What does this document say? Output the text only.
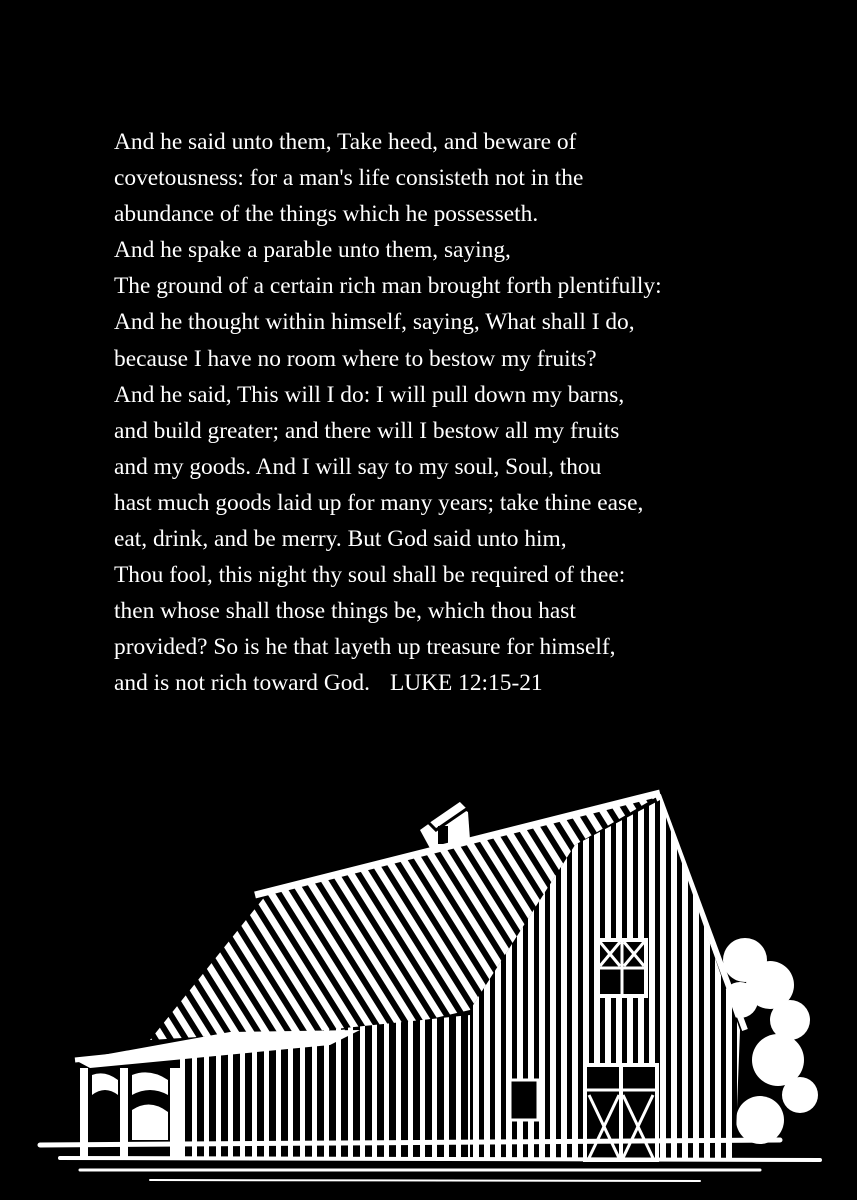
And he said unto them, Take heed, and beware of
covetousness: for a man's life consisteth not in the
abundance of the things which he possesseth.
And he spake a parable unto them, saying,
The ground of a certain rich man brought forth plentifully:
And he thought within himself, saying, What shall I do,
because I have no room where to bestow my fruits?
And he said, This will I do: I will pull down my barns,
and build greater; and there will I bestow all my fruits
and my goods. And I will say to my soul, Soul, thou
hast much goods laid up for many years; take thine ease,
eat, drink, and be merry. But God said unto him,
Thou fool, this night thy soul shall be required of thee:
then whose shall those things be, which thou hast
provided? So is he that layeth up treasure for himself,
and is not rich toward God. LUKE 12:15-21
